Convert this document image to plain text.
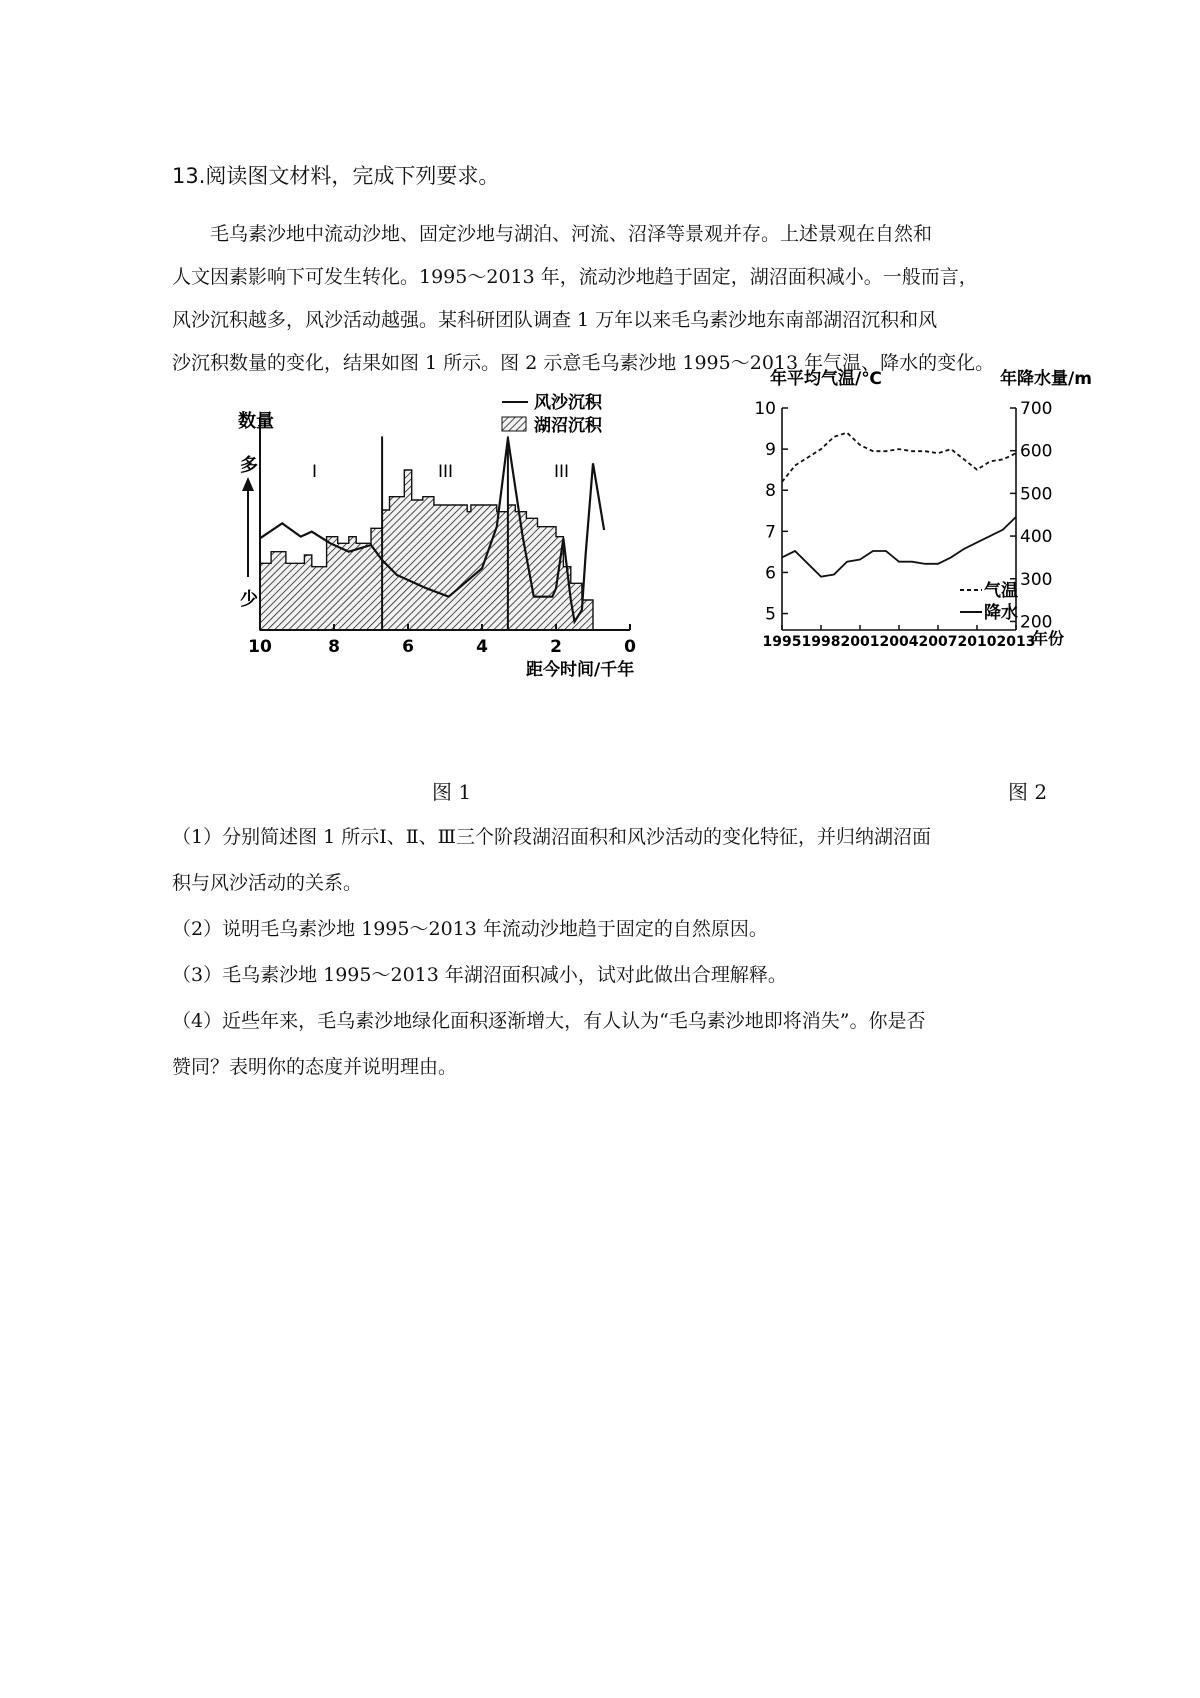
13.阅读图文材料，完成下列要求。
毛乌素沙地中流动沙地、固定沙地与湖泊、河流、沼泽等景观并存。上述景观在自然和
人文因素影响下可发生转化。1995～2013 年，流动沙地趋于固定，湖沼面积减小。一般而言，
风沙沉积越多，风沙活动越强。某科研团队调查 1 万年以来毛乌素沙地东南部湖沼沉积和风
沙沉积数量的变化，结果如图 1 所示。图 2 示意毛乌素沙地 1995～2013 年气温、降水的变化。
10	8	6	4	2	0
数量
多
少
I	III	III
风沙沉积
湖沼沉积
距今时间/千年
5
6
7
8
9
10
200
300
400
500
600
700
1995 1998 2001 2004 2007 2010 2013
年平均气温/℃	年降水量/m
年份
气温
降水
图 1	图 2
（1）分别简述图 1 所示Ⅰ、Ⅱ、Ⅲ三个阶段湖沼面积和风沙活动的变化特征，并归纳湖沼面
积与风沙活动的关系。
（2）说明毛乌素沙地 1995～2013 年流动沙地趋于固定的自然原因。
（3）毛乌素沙地 1995～2013 年湖沼面积减小，试对此做出合理解释。
（4）近些年来，毛乌素沙地绿化面积逐渐增大，有人认为“毛乌素沙地即将消失”。你是否
赞同？表明你的态度并说明理由。
